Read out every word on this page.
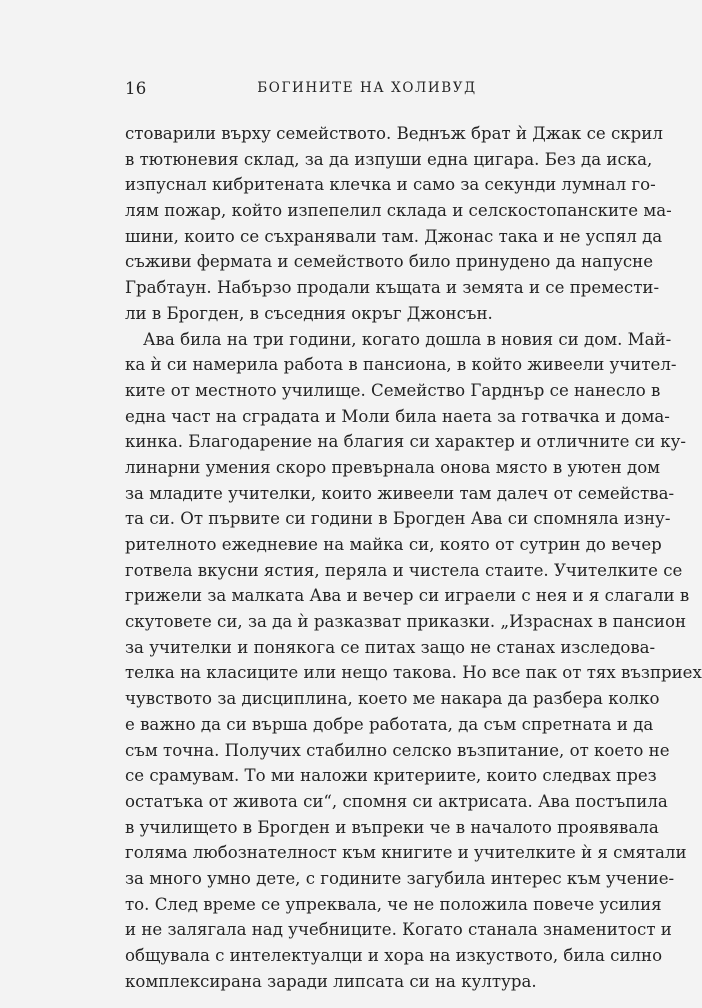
16	БОГИНИТЕ НА ХОЛИВУД
стоварили върху семейството. Веднъж брат ѝ Джак се скрил
в тютюневия склад, за да изпуши една цигара. Без да иска,
изпуснал кибритената клечка и само за секунди лумнал го-
лям пожар, който изпепелил склада и селскостопанските ма-
шини, които се съхранявали там. Джонас така и не успял да
съживи фермата и семейството било принудено да напусне
Грабтаун. Набързо продали къщата и земята и се премести-
ли в Брогден, в съседния окръг Джонсън.
Ава била на три години, когато дошла в новия си дом. Май-
ка ѝ си намерила работа в пансиона, в който живеели учител-
ките от местното училище. Семейство Гарднър се нанесло в
една част на сградата и Моли била наета за готвачка и дома-
кинка. Благодарение на благия си характер и отличните си ку-
линарни умения скоро превърнала онова място в уютен дом
за младите учителки, които живеели там далеч от семейства-
та си. От първите си години в Брогден Ава си спомняла изну-
рителното ежедневие на майка си, която от сутрин до вечер
готвела вкусни ястия, перяла и чистела стаите. Учителките се
грижели за малката Ава и вечер си играели с нея и я слагали в
скутовете си, за да ѝ разказват приказки. „Израснах в пансион
за учителки и понякога се питах защо не станах изследова-
телка на класиците или нещо такова. Но все пак от тях възприех
чувството за дисциплина, което ме накара да разбера колко
е важно да си върша добре работата, да съм спретната и да
съм точна. Получих стабилно селско възпитание, от което не
се срамувам. То ми наложи критериите, които следвах през
остатъка от живота си“, спомня си актрисата. Ава постъпила
в училището в Брогден и въпреки че в началото проявявала
голяма любознателност към книгите и учителките ѝ я смятали
за много умно дете, с годините загубила интерес към учение-
то. След време се упреквала, че не положила повече усилия
и не залягала над учебниците. Когато станала знаменитост и
общувала с интелектуалци и хора на изкуството, била силно
комплексирана заради липсата си на култура.
